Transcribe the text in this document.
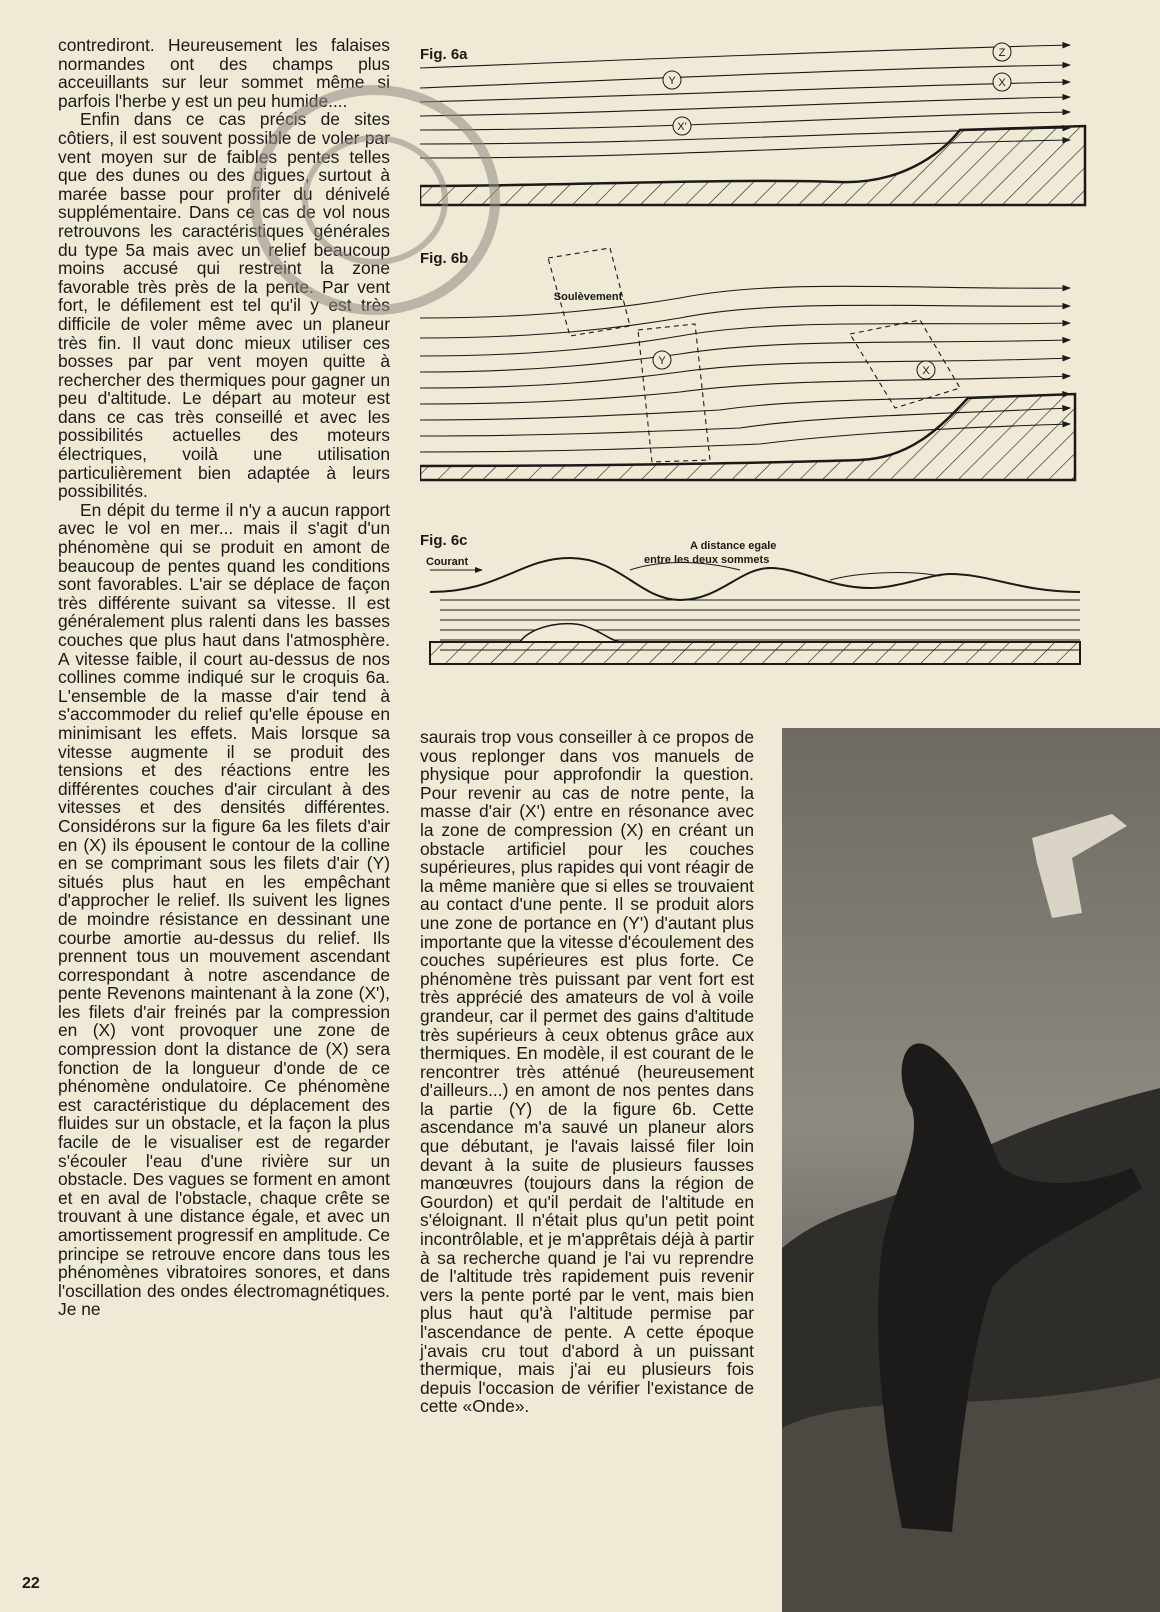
contrediront. Heureusement les falaises normandes ont des champs plus acceuillants sur leur sommet même si parfois l'herbe y est un peu humide....

Enfin dans ce cas précis de sites côtiers, il est souvent possible de voler par vent moyen sur de faibles pentes telles que des dunes ou des digues, surtout à marée basse pour profiter du dénivelé supplémentaire. Dans ce cas de vol nous retrouvons les caractéristiques générales du type 5a mais avec un relief beaucoup moins accusé qui restreint la zone favorable très près de la pente. Par vent fort, le défilement est tel qu'il y est très difficile de voler même avec un planeur très fin. Il vaut donc mieux utiliser ces bosses par par vent moyen quitte à rechercher des thermiques pour gagner un peu d'altitude. Le départ au moteur est dans ce cas très conseillé et avec les possibilités actuelles des moteurs électriques, voilà une utilisation particulièrement bien adaptée à leurs possibilités.

En dépit du terme il n'y a aucun rapport avec le vol en mer... mais il s'agit d'un phénomène qui se produit en amont de beaucoup de pentes quand les conditions sont favorables. L'air se déplace de façon très différente suivant sa vitesse. Il est généralement plus ralenti dans les basses couches que plus haut dans l'atmosphère. A vitesse faible, il court au-dessus de nos collines comme indiqué sur le croquis 6a. L'ensemble de la masse d'air tend à s'accommoder du relief qu'elle épouse en minimisant les effets. Mais lorsque sa vitesse augmente il se produit des tensions et des réactions entre les différentes couches d'air circulant à des vitesses et des densités différentes. Considérons sur la figure 6a les filets d'air en (X) ils épousent le contour de la colline en se comprimant sous les filets d'air (Y) situés plus haut en les empêchant d'approcher le relief. Ils suivent les lignes de moindre résistance en dessinant une courbe amortie au-dessus du relief. Ils prennent tous un mouvement ascendant correspondant à notre ascendance de pente Revenons maintenant à la zone (X'), les filets d'air freinés par la compression en (X) vont provoquer une zone de compression dont la distance de (X) sera fonction de la longueur d'onde de ce phénomène ondulatoire. Ce phénomène est caractéristique du déplacement des fluides sur un obstacle, et la façon la plus facile de le visualiser est de regarder s'écouler l'eau d'une rivière sur un obstacle. Des vagues se forment en amont et en aval de l'obstacle, chaque crête se trouvant à une distance égale, et avec un amortissement progressif en amplitude. Ce principe se retrouve encore dans tous les phénomènes vibratoires sonores, et dans l'oscillation des ondes électromagnétiques. Je ne

saurais trop vous conseiller à ce propos de vous replonger dans vos manuels de physique pour approfondir la question. Pour revenir au cas de notre pente, la masse d'air (X') entre en résonance avec la zone de compression (X) en créant un obstacle artificiel pour les couches supérieures, plus rapides qui vont réagir de la même manière que si elles se trouvaient au contact d'une pente. Il se produit alors une zone de portance en (Y') d'autant plus importante que la vitesse d'écoulement des couches supérieures est plus forte. Ce phénomène très puissant par vent fort est très apprécié des amateurs de vol à voile grandeur, car il permet des gains d'altitude très supérieurs à ceux obtenus grâce aux thermiques. En modèle, il est courant de le rencontrer très atténué (heureusement d'ailleurs...) en amont de nos pentes dans la partie (Y) de la figure 6b. Cette ascendance m'a sauvé un planeur alors que débutant, je l'avais laissé filer loin devant à la suite de plusieurs fausses manœuvres (toujours dans la région de Gourdon) et qu'il perdait de l'altitude en s'éloignant. Il n'était plus qu'un petit point incontrôlable, et je m'apprêtais déjà à partir à sa recherche quand je l'ai vu reprendre de l'altitude très rapidement puis revenir vers la pente porté par le vent, mais bien plus haut qu'à l'altitude permise par l'ascendance de pente. A cette époque j'avais cru tout d'abord à un puissant thermique, mais j'ai eu plusieurs fois depuis l'occasion de vérifier l'existance de cette «Onde».

22
Fig. 6a
Y
X'
Z
X
Fig. 6b
Soulèvement
Y
X
Fig. 6c
Courant
A distance egale
entre les deux sommets
